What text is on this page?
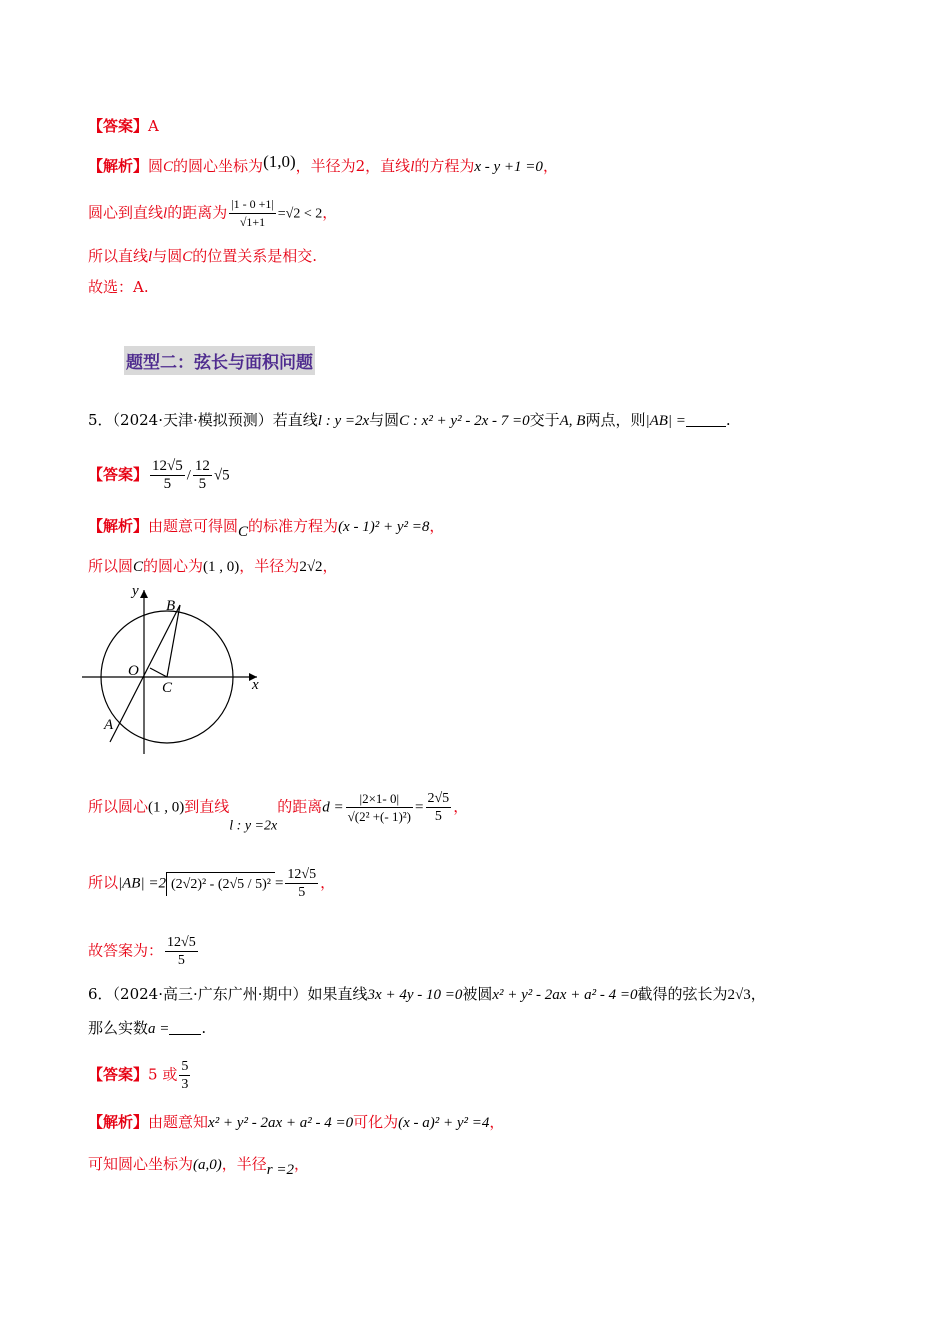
【答案】A
【解析】圆C的圆心坐标为(1,0)，半径为2，直线l的方程为x - y +1 =0，
圆心到直线l的距离为 $\frac{|1 - 0 +1|}{√1+1} =√2 < 2$，
所以直线l与圆C的位置关系是相交.
故选：A.
题型二：弦长与面积问题
5．（2024·天津·模拟预测）若直线l : y =2x与圆C : x² + y² - 2x - 7 =0交于A, B两点，则|AB| =	.
【答案】 $\frac{12√5}{5} / \frac{12}{5} √5$
【解析】由题意可得圆C的标准方程为(x - 1)² + y² =8，
所以圆C的圆心为(1 , 0)，半径为2√2，
y
x
B
O
C
A
所以圆心(1 , 0)到直线l : y =2x的距离$d = \frac{|2\times 1- 0|}{\text{√(2² +(- 1)²)}} = \frac{2√5}{5}$ ，
所以|AB| =2 $(2√2)^2 - (2√5 / 5)^2 = \frac{12√5}{5}$ ，
故答案为： $\frac{12√5}{5}$
6．（2024·高三·广东广州·期中）如果直线3x + 4y - 10 =0被圆x² + y² - 2ax + a² - 4 =0截得的弦长为2√3，
那么实数a = .
【答案】5 或 $\frac{5}{3}$
【解析】由题意知x² + y² - 2ax + a² - 4 =0可化为(x - a)² + y² =4，
可知圆心坐标为(a,0)，半径r =2，
